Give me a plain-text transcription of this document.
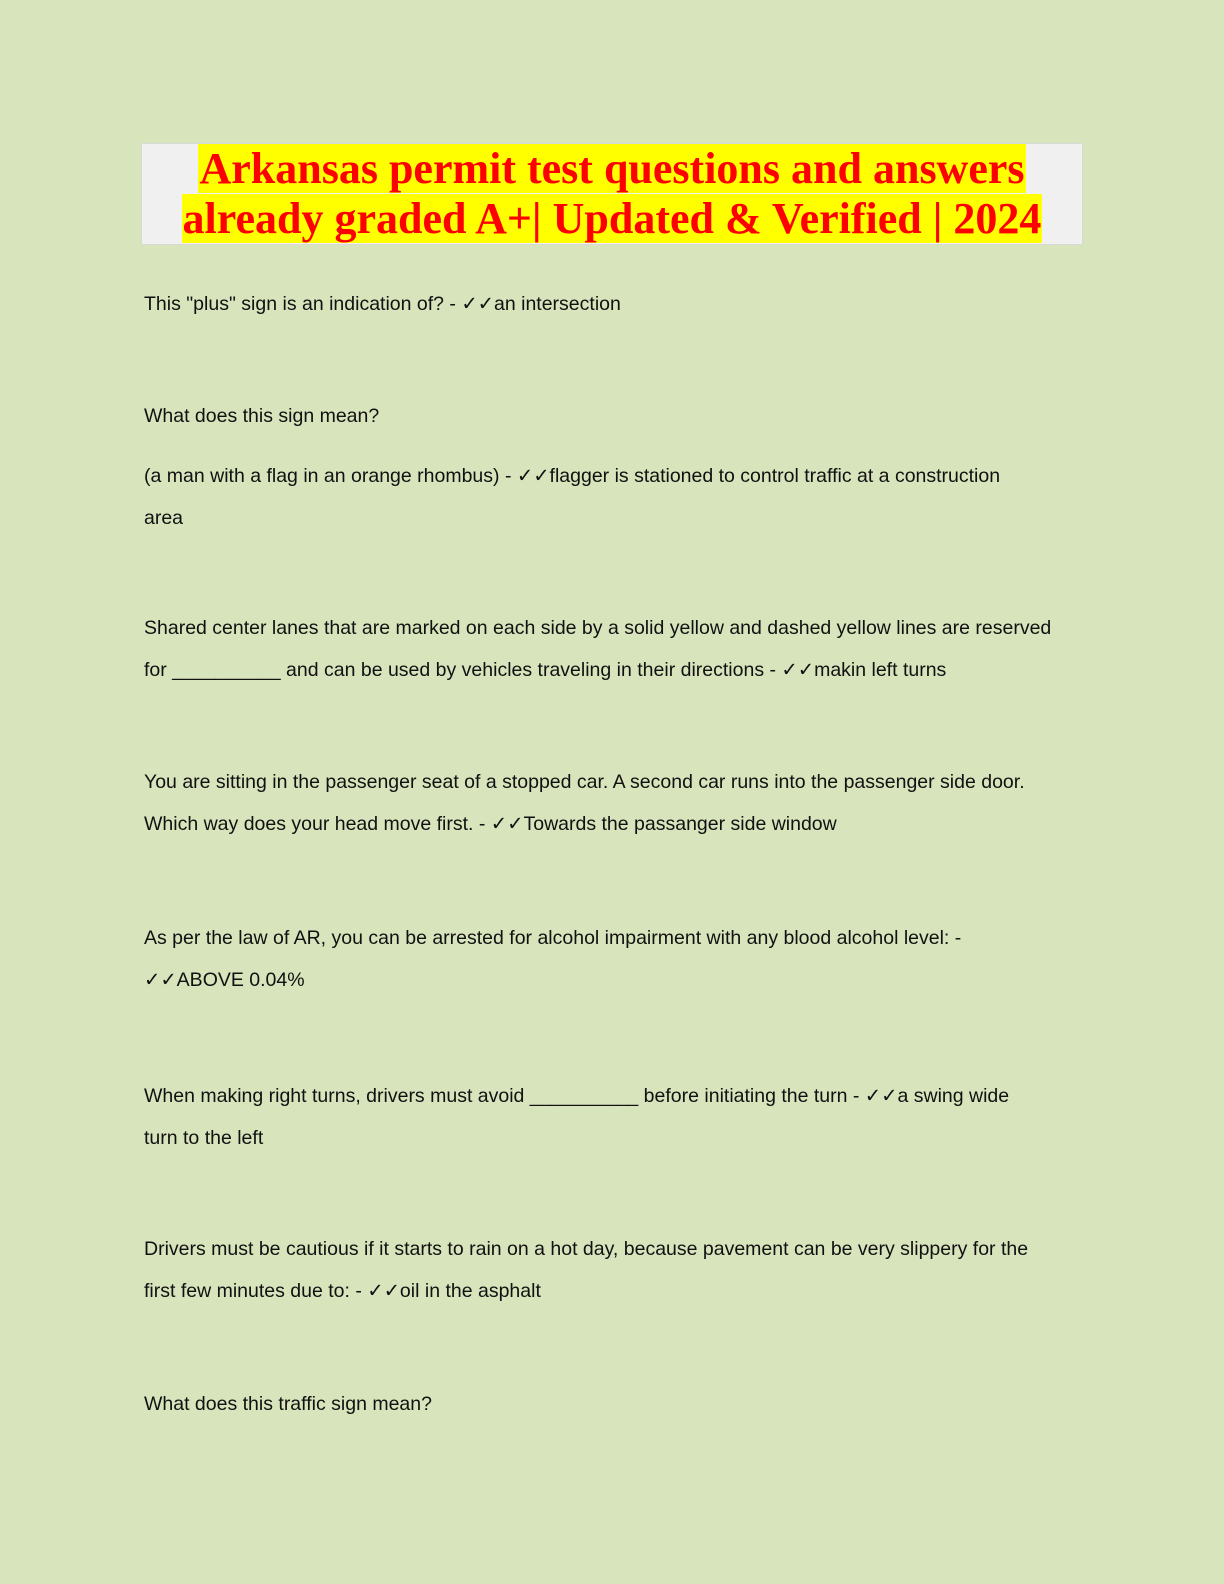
Arkansas permit test questions and answers
already graded A+| Updated & Verified | 2024
This "plus" sign is an indication of? - ✓✓an intersection
What does this sign mean?
(a man with a flag in an orange rhombus) - ✓✓flagger is stationed to control traffic at a construction
area
Shared center lanes that are marked on each side by a solid yellow and dashed yellow lines are reserved
for __________ and can be used by vehicles traveling in their directions - ✓✓makin left turns
You are sitting in the passenger seat of a stopped car. A second car runs into the passenger side door.
Which way does your head move first. - ✓✓Towards the passanger side window
As per the law of AR, you can be arrested for alcohol impairment with any blood alcohol level: -
✓✓ABOVE 0.04%
When making right turns, drivers must avoid __________ before initiating the turn - ✓✓a swing wide
turn to the left
Drivers must be cautious if it starts to rain on a hot day, because pavement can be very slippery for the
first few minutes due to: - ✓✓oil in the asphalt
What does this traffic sign mean?
